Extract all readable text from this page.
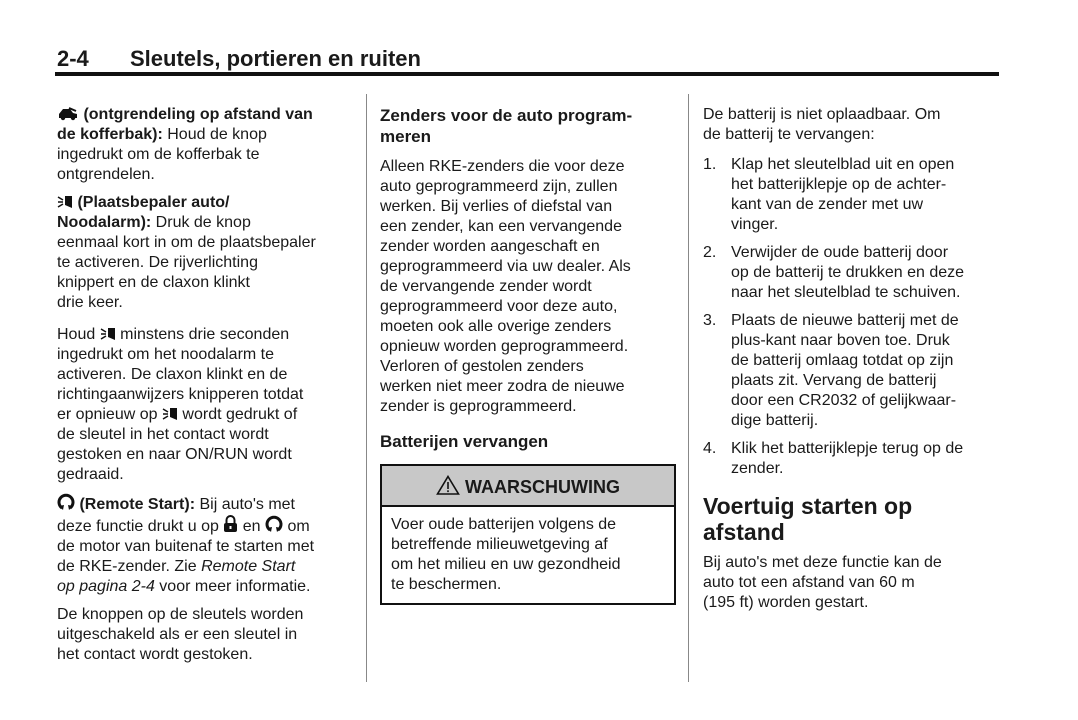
2-4 Sleutels, portieren en ruiten

(ontgrendeling op afstand van
de kofferbak): Houd de knop
ingedrukt om de kofferbak te
ontgrendelen.

(Plaatsbepaler auto/
Noodalarm): Druk de knop
eenmaal kort in om de plaatsbepaler
te activeren. De rijverlichting
knippert en de claxon klinkt
drie keer.

Houd  minstens drie seconden
ingedrukt om het noodalarm te
activeren. De claxon klinkt en de
richtingaanwijzers knipperen totdat
er opnieuw op  wordt gedrukt of
de sleutel in het contact wordt
gestoken en naar ON/RUN wordt
gedraaid.

(Remote Start): Bij auto's met
deze functie drukt u op  en  om
de motor van buitenaf te starten met
de RKE-zender. Zie Remote Start
op pagina 2-4 voor meer informatie.

De knoppen op de sleutels worden
uitgeschakeld als er een sleutel in
het contact wordt gestoken.

Zenders voor de auto program-
meren

Alleen RKE-zenders die voor deze
auto geprogrammeerd zijn, zullen
werken. Bij verlies of diefstal van
een zender, kan een vervangende
zender worden aangeschaft en
geprogrammeerd via uw dealer. Als
de vervangende zender wordt
geprogrammeerd voor deze auto,
moeten ook alle overige zenders
opnieuw worden geprogrammeerd.
Verloren of gestolen zenders
werken niet meer zodra de nieuwe
zender is geprogrammeerd.

Batterijen vervangen
WAARSCHUWING
Voer oude batterijen volgens de
betreffende milieuwetgeving af
om het milieu en uw gezondheid
te beschermen.

De batterij is niet oplaadbaar. Om
de batterij te vervangen:

1. Klap het sleutelblad uit en open
het batterijklepje op de achter-
kant van de zender met uw
vinger.
2. Verwijder de oude batterij door
op de batterij te drukken en deze
naar het sleutelblad te schuiven.
3. Plaats de nieuwe batterij met de
plus-kant naar boven toe. Druk
de batterij omlaag totdat op zijn
plaats zit. Vervang de batterij
door een CR2032 of gelijkwaar-
dige batterij.
4. Klik het batterijklepje terug op de
zender.
Voertuig starten op
afstand

Bij auto's met deze functie kan de
auto tot een afstand van 60 m
(195 ft) worden gestart.
